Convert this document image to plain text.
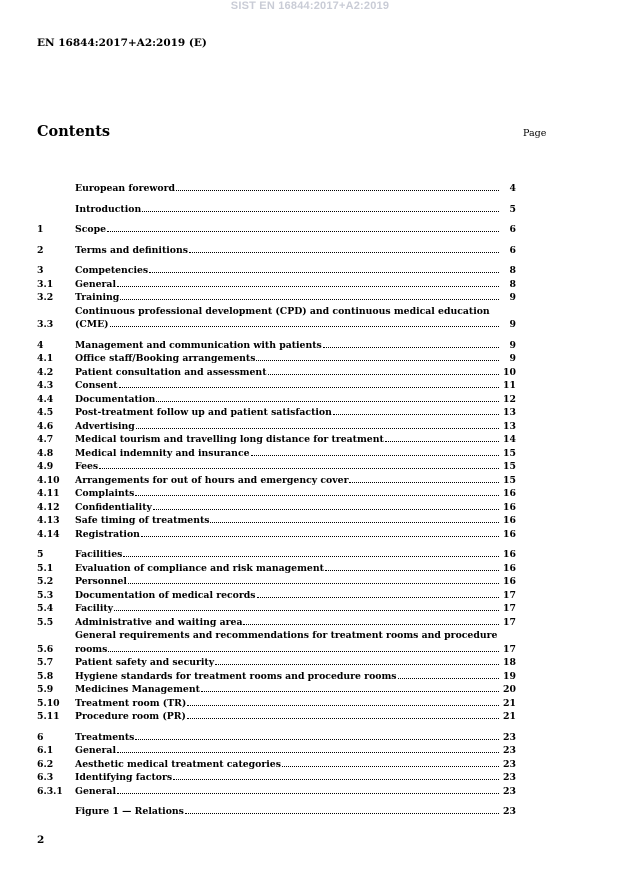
SIST EN 16844:2017+A2:2019
EN 16844:2017+A2:2019 (E)
Contents	Page
European foreword	4
Introduction	5
1	Scope	6
2	Terms and definitions	6
3	Competencies	8
3.1	General	8
3.2	Training	9
3.3
Continuous professional development (CPD) and continuous medical education
(CME)	9
4	Management and communication with patients	9
4.1	Office staff/Booking arrangements	9
4.2	Patient consultation and assessment	10
4.3	Consent	11
4.4	Documentation	12
4.5	Post-treatment follow up and patient satisfaction	13
4.6	Advertising	13
4.7	Medical tourism and travelling long distance for treatment	14
4.8	Medical indemnity and insurance	15
4.9	Fees	15
4.10	Arrangements for out of hours and emergency cover	15
4.11	Complaints	16
4.12	Confidentiality	16
4.13	Safe timing of treatments	16
4.14	Registration	16
5	Facilities	16
5.1	Evaluation of compliance and risk management	16
5.2	Personnel	16
5.3	Documentation of medical records	17
5.4	Facility	17
5.5	Administrative and waiting area	17
5.6
General requirements and recommendations for treatment rooms and procedure
rooms	17
5.7	Patient safety and security	18
5.8	Hygiene standards for treatment rooms and procedure rooms	19
5.9	Medicines Management	20
5.10	Treatment room (TR)	21
5.11	Procedure room (PR)	21
6	Treatments	23
6.1	General	23
6.2	Aesthetic medical treatment categories	23
6.3	Identifying factors	23
6.3.1	General	23
Figure 1 — Relations	23
2
